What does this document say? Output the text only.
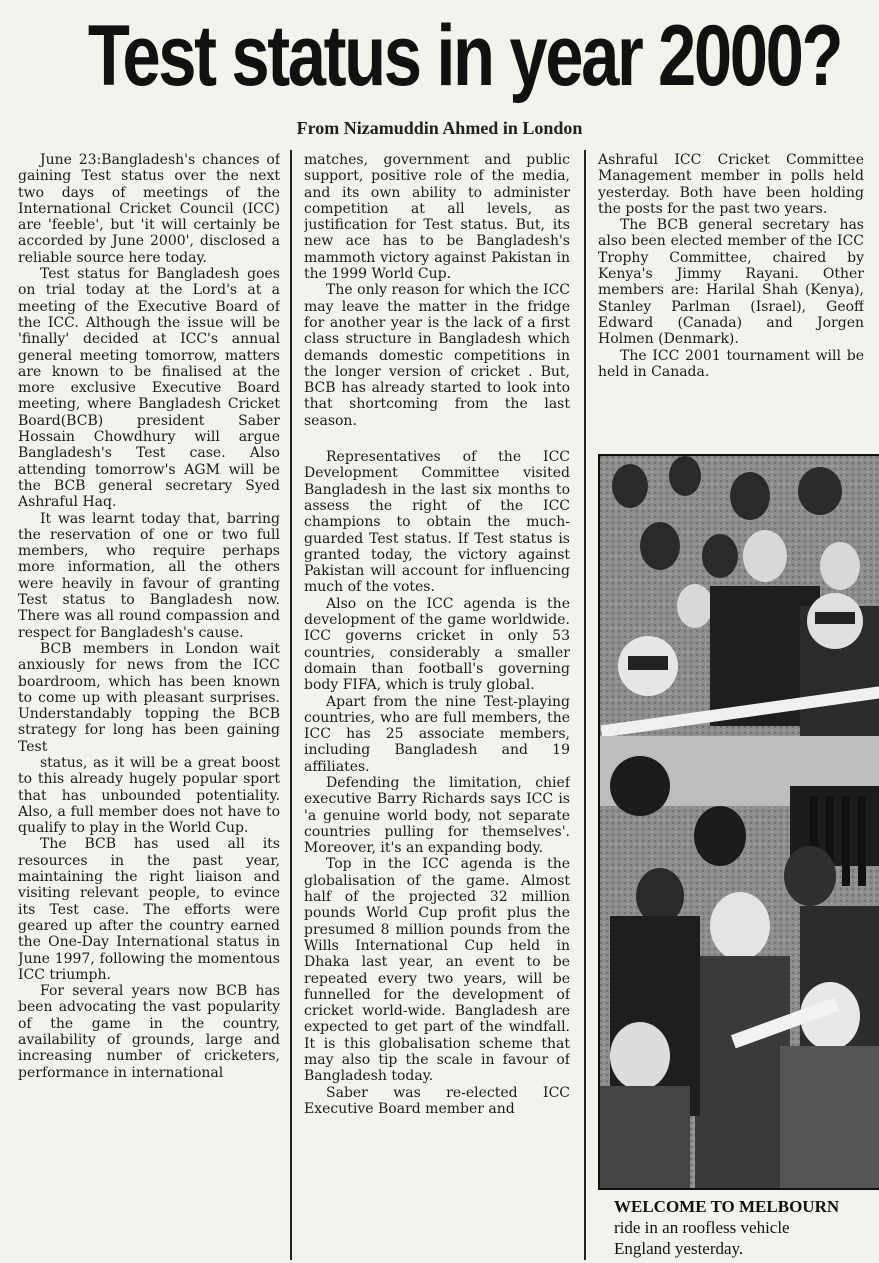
Test status in year 2000?
From Nizamuddin Ahmed in London

June 23:Bangladesh's chances of gaining Test status over the next two days of meetings of the International Cricket Council (ICC) are 'feeble', but 'it will certainly be accorded by June 2000', disclosed a reliable source here today.

Test status for Bangladesh goes on trial today at the Lord's at a meeting of the Executive Board of the ICC. Although the issue will be 'finally' decided at ICC's annual general meeting tomorrow, matters are known to be finalised at the more exclusive Executive Board meeting, where Bangladesh Cricket Board(BCB) president Saber Hossain Chowdhury will argue Bangladesh's Test case. Also attending tomorrow's AGM will be the BCB general secretary Syed Ashraful Haq.

It was learnt today that, barring the reservation of one or two full members, who require perhaps more information, all the others were heavily in favour of granting Test status to Bangladesh now. There was all round compassion and respect for Bangladesh's cause.

BCB members in London wait anxiously for news from the ICC boardroom, which has been known to come up with pleasant surprises. Understandably topping the BCB strategy for long has been gaining Test

status, as it will be a great boost to this already hugely popular sport that has unbounded potentiality. Also, a full member does not have to qualify to play in the World Cup.

The BCB has used all its resources in the past year, maintaining the right liaison and visiting relevant people, to evince its Test case. The efforts were geared up after the country earned the One-Day International status in June 1997, following the momentous ICC triumph.

For several years now BCB has been advocating the vast popularity of the game in the country, availability of grounds, large and increasing number of cricketers, performance in international

matches, government and public support, positive role of the media, and its own ability to administer competition at all levels, as justification for Test status. But, its new ace has to be Bangladesh's mammoth victory against Pakistan in the 1999 World Cup.

The only reason for which the ICC may leave the matter in the fridge for another year is the lack of a first class structure in Bangladesh which demands domestic competitions in the longer version of cricket . But, BCB has already started to look into that shortcoming from the last season.

Representatives of the ICC Development Committee visited Bangladesh in the last six months to assess the right of the ICC champions to obtain the much-guarded Test status. If Test status is granted today, the victory against Pakistan will account for influencing much of the votes.

Also on the ICC agenda is the development of the game worldwide. ICC governs cricket in only 53 countries, considerably a smaller domain than football's governing body FIFA, which is truly global.

Apart from the nine Test-playing countries, who are full members, the ICC has 25 associate members, including Bangladesh and 19 affiliates.

Defending the limitation, chief executive Barry Richards says ICC is 'a genuine world body, not separate countries pulling for themselves'. Moreover, it's an expanding body.

Top in the ICC agenda is the globalisation of the game. Almost half of the projected 32 million pounds World Cup profit plus the presumed 8 million pounds from the Wills International Cup held in Dhaka last year, an event to be repeated every two years, will be funnelled for the development of cricket world-wide. Bangladesh are expected to get part of the windfall. It is this globalisation scheme that may also tip the scale in favour of Bangladesh today.

Saber was re-elected ICC Executive Board member and

Ashraful ICC Cricket Committee Management member in polls held yesterday. Both have been holding the posts for the past two years.

The BCB general secretary has also been elected member of the ICC Trophy Committee, chaired by Kenya's Jimmy Rayani. Other members are: Harilal Shah (Kenya), Stanley Parlman (Israel), Geoff Edward (Canada) and Jorgen Holmen (Denmark).

The ICC 2001 tournament will be held in Canada.

WELCOME TO MELBOURN
ride in an roofless vehicle
England yesterday.
